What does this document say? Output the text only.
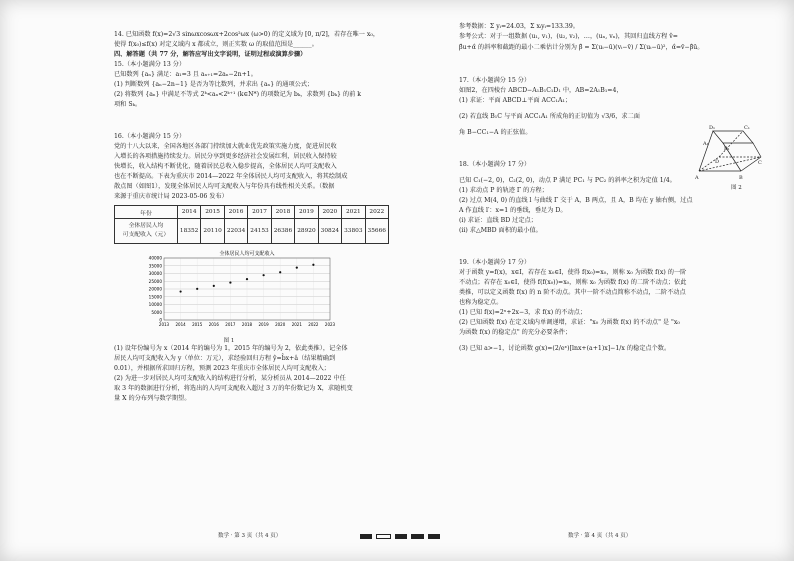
14. 已知函数 f(x)=2√3 sinωxcosωx+2cos²ωx (ω>0) 的定义域为 [0, π/2]，若存在唯一 x₀，
使得 f(x₀)≤f(x) 对定义域内 x 都成立，则正实数 ω 的取值范围是______。
四、解答题（共 77 分，解答应写出文字说明，证明过程或演算步骤）
15.（本小题满分 13 分）
已知数列 {aₙ} 满足：a₁=3 且 aₙ₊₁=2aₙ−2n+1。
(1) 判断数列 {aₙ−2n−1} 是否为等比数列，并求出 {aₙ} 的通项公式；
(2) 将数列 {aₙ} 中满足不等式 2ᵏ<aₙ<2ᵏ⁺¹ (k∈N*) 的项数记为 bₖ，求数列 {bₖ} 的前 k
项和 Sₖ。
16.（本小题满分 15 分）
党的十八大以来，全国各地区各部门持续加大就业优先政策实施力度，促进居民收
入增长的各项措施持续发力。居民分享到更多经济社会发展红利，居民收入保持较
快增长，收入结构不断优化，随着居民总收入稳步提高，全体居民人均可支配收入
也在不断提高。下表为重庆市 2014—2022 年全体居民人均可支配收入，将其绘制成
散点图（如图1），发现全体居民人均可支配收入与年份具有线性相关关系。（数据
来源于重庆市统计局 2023-05-06 发布）
年份	2014	2015	2016	2017	2018	2019	2020	2021	2022
全体居民人均
可支配收入（元）	18352	20110	22034	24153	26386	28920	30824	33803	35666
全体居民人均可支配收入
0
5000
10000
15000
20000
25000
30000
35000
40000
2013 2014 2015 2016 2017 2018 2019 2020 2021 2022 2023
图 1
(1) 设年份编号为 x（2014 年的编号为 1，2015 年的编号为 2，依此类推），记全体
居民人均可支配收入为 y（单位：万元），求经验回归方程 ŷ=b̂x+â（结果精确到
0.01），并根据所求回归方程，预测 2023 年重庆市全体居民人均可支配收入；
(2) 为进一步对居民人均可支配收入的结构进行分析，某分析员从 2014—2022 中任
取 3 年的数据进行分析，将选出的人均可支配收入超过 3 万的年份数记为 X，求随机变
量 X 的分布列与数学期望。
数学 · 第 3 页（共 4 页）
参考数据：Σ yᵢ=24.03，Σ xᵢyᵢ=133.39。
参考公式：对于一组数据 (u₁, v₁)，(u₂, v₂)，…，(uₙ, vₙ)，其回归直线方程 v̂=
β̂u+α̂ 的斜率和截距的最小二乘估计分别为 β̂ = Σ(uᵢ−ū)(vᵢ−v̄) / Σ(uᵢ−ū)²，α̂=v̄−β̂ū。
17.（本小题满分 15 分）
如图2，在四棱台 ABCD−A₁B₁C₁D₁ 中，AB=2A₁B₁=4，
(1) 求证：平面 ABCD⊥平面 ACC₁A₁；
(2) 若直线 B₁C 与平面 ACC₁A₁ 所成角的正切值为 √3/6，求二面
角 B−CC₁−A 的正弦值。
18.（本小题满分 17 分）
已知 C₁(−2, 0)，C₂(2, 0)，动点 P 满足 PC₁ 与 PC₂ 的斜率之积为定值 1/4。
(1) 求动点 P 的轨迹 Γ 的方程；
(2) 过点 M(4, 0) 的直线 l 与曲线 Γ 交于 A，B 两点，且 A，B 均在 y 轴右侧，过点
A 作直线 l′：x=1 的垂线，垂足为 D。
(i) 求证：直线 BD 过定点；
(ii) 求△MBD 面积的最小值。
19.（本小题满分 17 分）
对于函数 y=f(x)，x∈I，若存在 x₀∈I，使得 f(x₀)=x₀，则称 x₀ 为函数 f(x) 的一阶
不动点；若存在 x₀∈I，使得 f(f(x₀))=x₀，则称 x₀ 为函数 f(x) 的二阶不动点；依此
类推，可以定义函数 f(x) 的 n 阶不动点。其中一阶不动点简称不动点，二阶不动点
也称为稳定点。
(1) 已知 f(x)=2ˣ+2x−3，求 f(x) 的不动点；
(2) 已知函数 f(x) 在定义域内单调递增，求证："x₀ 为函数 f(x) 的不动点" 是 "x₀
为函数 f(x) 的稳定点" 的充分必要条件；
(3) 已知 a>−1，讨论函数 g(x)=(2/eˣ)[lnx+(a+1)x]−1/x 的稳定点个数。
D₁	C₁
A₁
B₁
D	C
A	B
图 2
数学 · 第 4 页（共 4 页）
